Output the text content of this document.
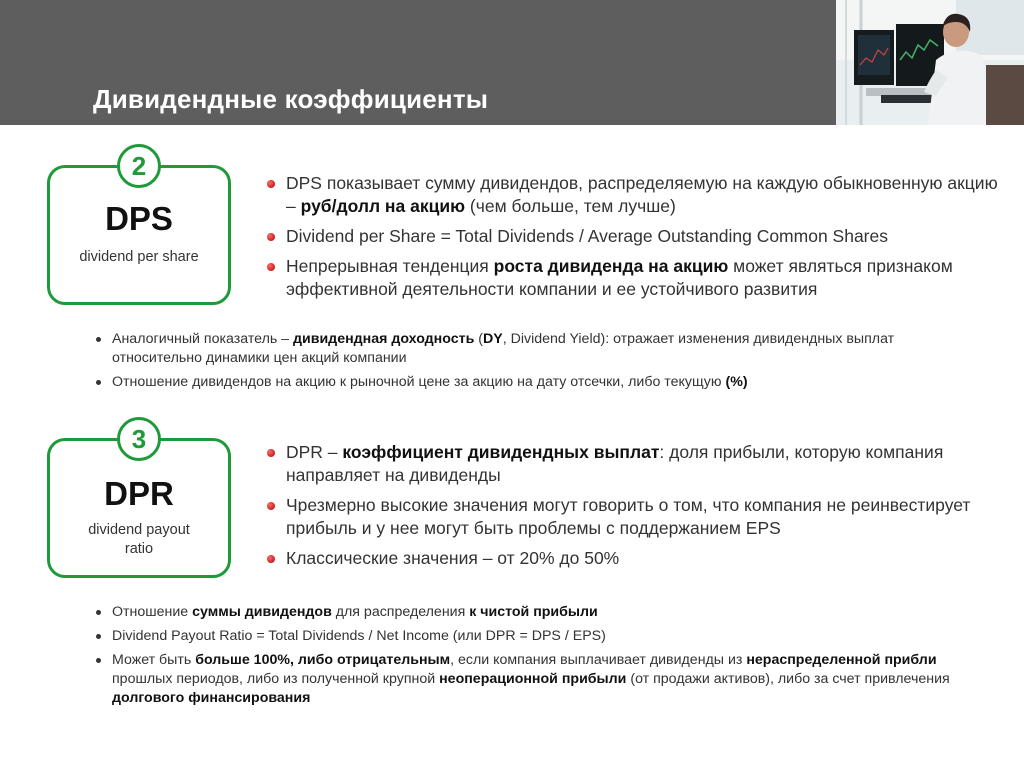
Дивидендные коэффициенты
2
DPS
dividend per share
DPS показывает сумму дивидендов, распределяемую на каждую обыкновенную акцию – руб/долл на акцию (чем больше, тем лучше)
Dividend per Share = Total Dividends / Average Outstanding Common Shares
Непрерывная тенденция роста дивиденда на акцию может являться признаком эффективной деятельности компании и ее устойчивого развития
Аналогичный показатель – дивидендная доходность (DY, Dividend Yield): отражает изменения дивидендных выплат относительно динамики цен акций компании
Отношение дивидендов на акцию к рыночной цене за акцию на дату отсечки, либо текущую (%)
3
DPR
dividend payout ratio
DPR – коэффициент дивидендных выплат: доля прибыли, которую компания направляет на дивиденды
Чрезмерно высокие значения могут говорить о том, что компания не реинвестирует прибыль и у нее могут быть проблемы с поддержанием EPS
Классические значения – от 20% до 50%
Отношение суммы дивидендов для распределения к чистой прибыли
Dividend Payout Ratio = Total Dividends / Net Income (или DPR = DPS / EPS)
Может быть больше 100%, либо отрицательным, если компания выплачивает дивиденды из нераспределенной прибли прошлых периодов, либо из полученной крупной неоперационной прибыли (от продажи активов), либо за счет привлечения долгового финансирования
